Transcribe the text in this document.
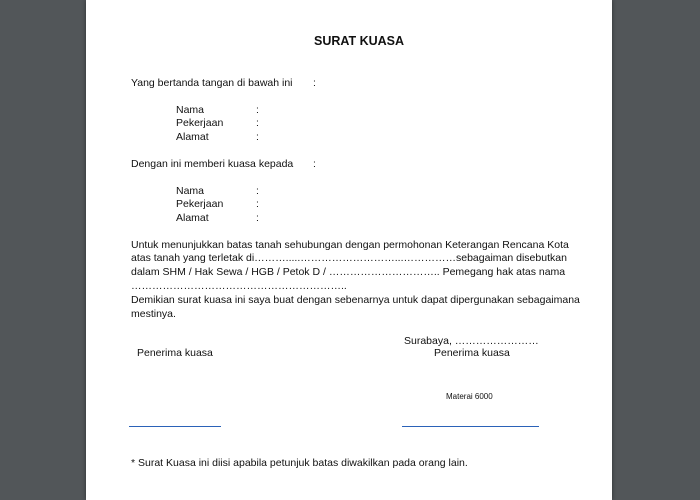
SURAT KUASA
Yang bertanda tangan di bawah ini :
Nama	:
Pekerjaan	:
Alamat	:
Dengan ini memberi kuasa kepada :
Nama	:
Pekerjaan	:
Alamat	:
Untuk menunjukkan batas tanah sehubungan dengan permohonan Keterangan Rencana Kota
atas tanah yang terletak di……….....………………………...……………sebagaiman disebutkan
dalam SHM / Hak Sewa / HGB / Petok D / ………………………….. Pemegang hak atas nama
……………………………………………………..
Demikian surat kuasa ini saya buat dengan sebenarnya untuk dapat dipergunakan sebagaimana
mestinya.
Surabaya, ……………………
Penerima kuasa	Penerima kuasa
Materai 6000
* Surat Kuasa ini diisi apabila petunjuk batas diwakilkan pada orang lain.
